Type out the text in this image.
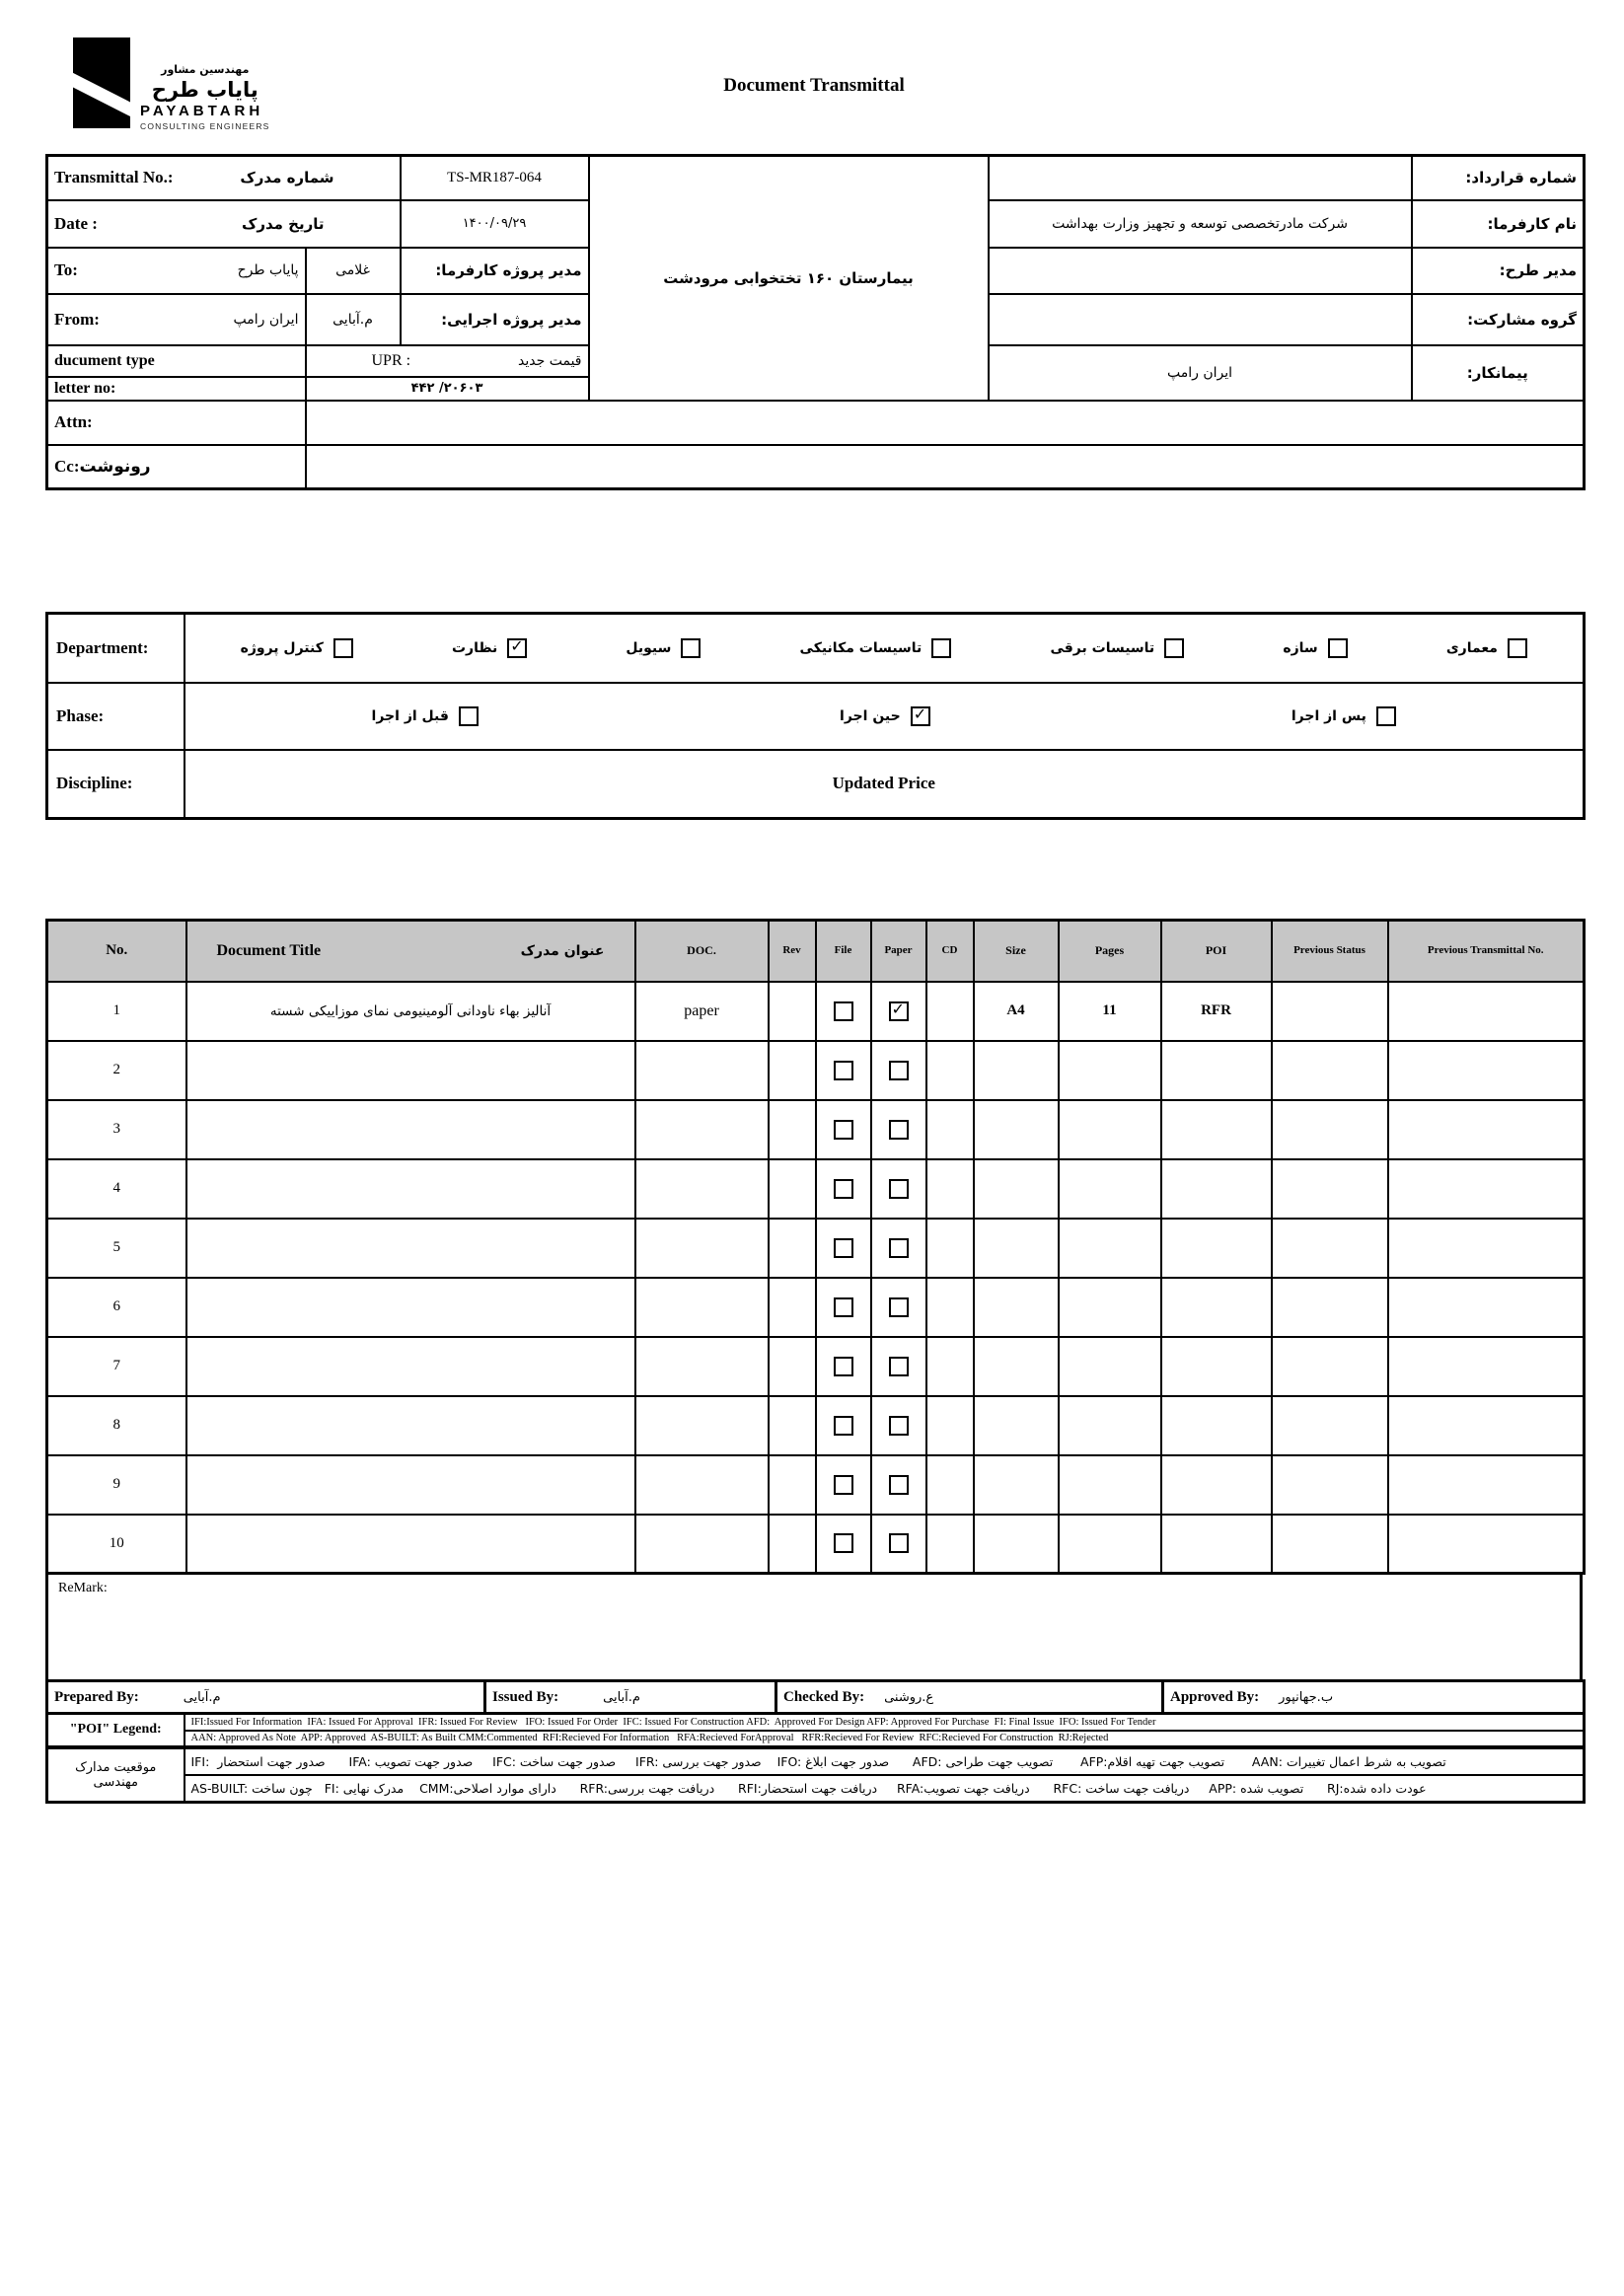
مهندسین مشاور
پایاب طرح
PAYABTARH
CONSULTING ENGINEERS
Document Transmittal
Transmittal No.: شماره مدرک		TS-MR187-064	بیمارستان ۱۶۰ تختخوابی مرودشت		شماره قرارداد:

Date : تاریخ مدرک		۱۴۰۰/۰۹/۲۹		شرکت مادرتخصصی توسعه و تجهیز وزارت بهداشت	نام کارفرما:

To: پایاب طرح	غلامی	مدیر پروژه کارفرما:			مدیر طرح:

From: ایران رامپ	م.آبایی	مدیر پروژه اجرایی:			گروه مشارکت:
ducument type	UPR : قیمت جدید			ایران رامپ	پیمانکار:
letter no:	۴۴۲ /۲۰۶۰۳				
Attn:					
Cc:رونوشت					
Department:	کنترل پروژه	نظارت ✓	سیویل	تاسیسات مکانیکی	تاسیسات برقی	سازه	معماری

Phase:	قبل از اجرا حین اجرا ✓ پس از اجرا

Discipline:	Updated Price
No.	Document Title عنوان مدرک	DOC.	Rev	File	Paper	CD	Size	Pages	POI	Previous Status	Previous Transmittal No.
1	آنالیز بهاء ناودانی آلومینیومی نمای موزاییکی شسته	paper			✓		A4	11	RFR		
2											
3											
4											
5											
6											
7											
8											
9											
10											
ReMark:
Prepared By:	م.آبایی	Issued By:	م.آبایی	Checked By: ع.روشنی	Approved By: ب.جهانپور
"POI" Legend:	IFI:Issued For Information  IFA: Issued For Approval  IFR: Issued For Review   IFO: Issued For Order  IFC: Issued For Construction AFD:  Approved For Design AFP: Approved For Purchase  FI: Final Issue  IFO: Issued For Tender
	AAN: Approved As Note  APP: Approved  AS-BUILT: As Built CMM:Commented  RFI:Recieved For Information   RFA:Recieved ForApproval   RFR:Recieved For Review  RFC:Recieved For Construction  RJ:Rejected
موقعیت مدارک مهندسی	IFI:  صدور جهت استحضار      IFA: صدور جهت تصویب     IFC: صدور جهت ساخت     IFR: صدور جهت بررسی    IFO: صدور جهت ابلاغ      AFD: تصویب جهت طراحی       AFP:تصویب جهت تهیه اقلام       AAN: تصویب به شرط اعمال تغییرات
	AS-BUILT: چون ساخت   FI: مدرک نهایی    CMM:دارای موارد اصلاحی      RFR:دریافت جهت بررسی      RFI:دریافت جهت استحضار     RFA:دریافت جهت تصویب      RFC: دریافت جهت ساخت     APP: تصویب شده      RJ:عودت داده شده
